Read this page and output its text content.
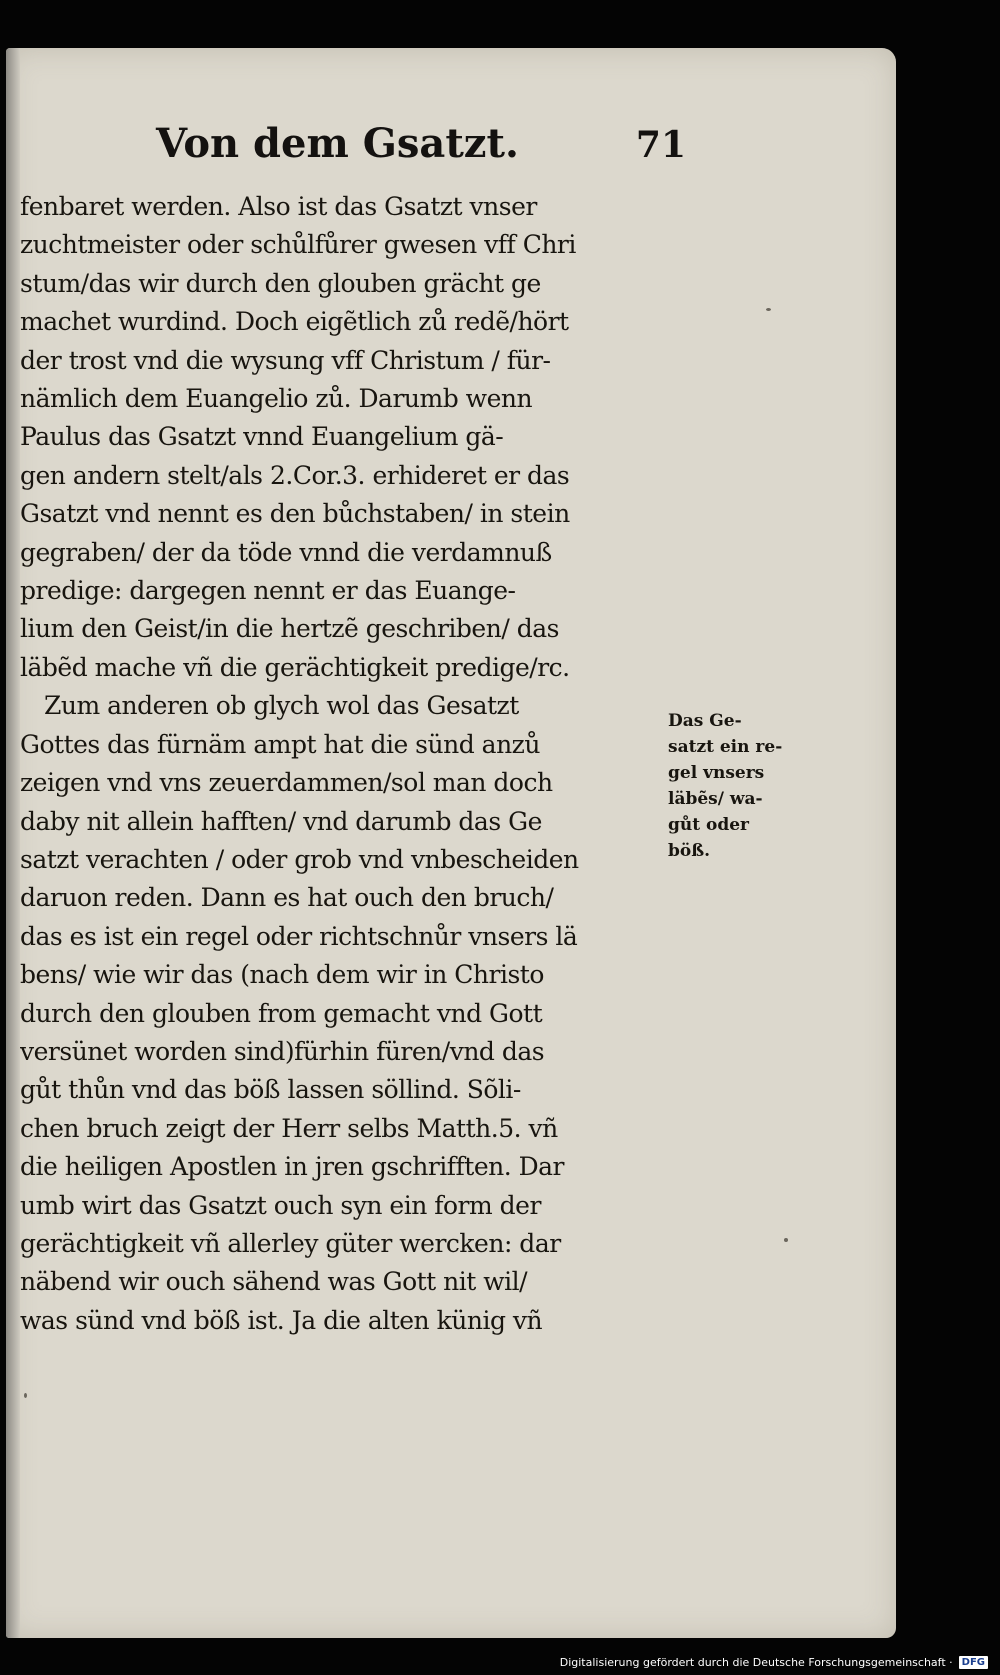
Von dem Gsatzt.	71
fenbaret werden. Also ist das Gsatzt vnser
zuchtmeister oder schůlfůrer gwesen vff Chri
stum/das wir durch den glouben grächt ge
machet wurdind. Doch eigẽtlich zů redẽ/hört
der trost vnd die wysung vff Christum / für-
nämlich dem Euangelio zů. Darumb wenn
Paulus das Gsatzt vnnd Euangelium gä-
gen andern stelt/als 2.Cor.3. erhideret er das
Gsatzt vnd nennt es den bůchstaben/ in stein
gegraben/ der da töde vnnd die verdamnuß
predige: dargegen nennt er das Euange-
lium den Geist/in die hertzẽ geschriben/ das
läbẽd mache vñ die gerächtigkeit predige/rc.
Zum anderen ob glych wol das Gesatzt
Gottes das fürnäm ampt hat die sünd anzů
zeigen vnd vns zeuerdammen/sol man doch
daby nit allein hafften/ vnd darumb das Ge
satzt verachten / oder grob vnd vnbescheiden
daruon reden. Dann es hat ouch den bruch/
das es ist ein regel oder richtschnůr vnsers lä
bens/ wie wir das (nach dem wir in Christo
durch den glouben from gemacht vnd Gott
versünet worden sind)fürhin füren/vnd das
gůt thůn vnd das böß lassen söllind. Sõli-
chen bruch zeigt der Herr selbs Matth.5. vñ
die heiligen Apostlen in jren gschrifften. Dar
umb wirt das Gsatzt ouch syn ein form der
gerächtigkeit vñ allerley güter wercken: dar
näbend wir ouch sähend was Gott nit wil/
was sünd vnd böß ist. Ja die alten künig vñ
Das Ge-
satzt ein re-
gel vnsers
läbẽs/ wa-
gůt oder
böß.
Digitalisierung gefördert durch die Deutsche Forschungsgemeinschaft · DFG
